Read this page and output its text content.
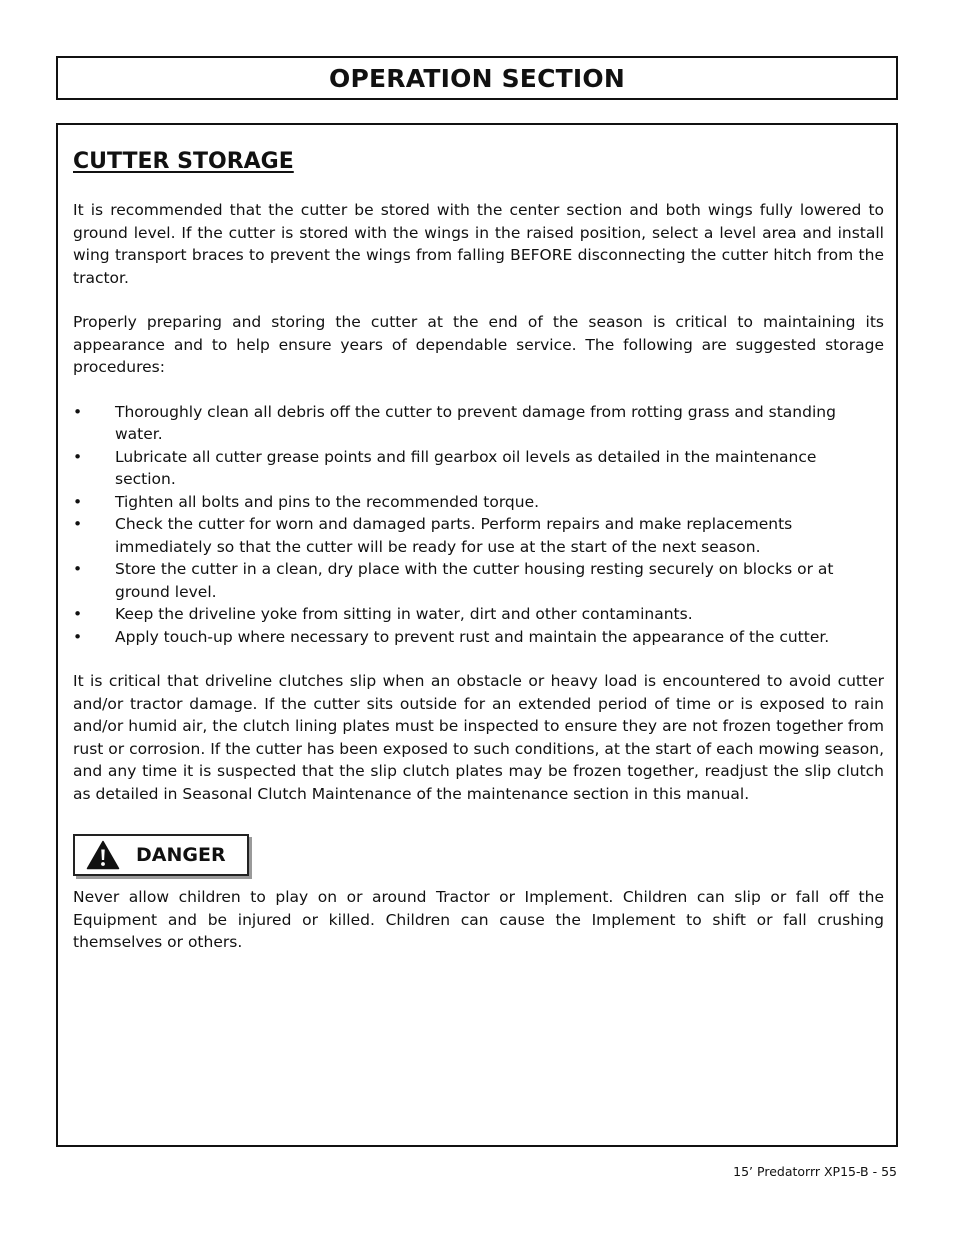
OPERATION SECTION
CUTTER STORAGE

It is recommended that the cutter be stored with the center section and both wings fully lowered to ground level. If the cutter is stored with the wings in the raised position, select a level area and install wing transport braces to prevent the wings from falling BEFORE disconnecting the cutter hitch from the tractor.

Properly preparing and storing the cutter at the end of the season is critical to maintaining its appearance and to help ensure years of dependable service. The following are suggested storage procedures:

• Thoroughly clean all debris off the cutter to prevent damage from rotting grass and standing water.
• Lubricate all cutter grease points and fill gearbox oil levels as detailed in the maintenance section.
• Tighten all bolts and pins to the recommended torque.
• Check the cutter for worn and damaged parts. Perform repairs and make replacements immediately so that the cutter will be ready for use at the start of the next season.
• Store the cutter in a clean, dry place with the cutter housing resting securely on blocks or at ground level.
• Keep the driveline yoke from sitting in water, dirt and other contaminants.
• Apply touch-up where necessary to prevent rust and maintain the appearance of the cutter.

It is critical that driveline clutches slip when an obstacle or heavy load is encountered to avoid cutter and/or tractor damage. If the cutter sits outside for an extended period of time or is exposed to rain and/or humid air, the clutch lining plates must be inspected to ensure they are not frozen together from rust or corrosion. If the cutter has been exposed to such conditions, at the start of each mowing season, and any time it is suspected that the slip clutch plates may be frozen together, readjust the slip clutch as detailed in Seasonal Clutch Maintenance of the maintenance section in this manual.

DANGER

Never allow children to play on or around Tractor or Implement. Children can slip or fall off the Equipment and be injured or killed. Children can cause the Implement to shift or fall crushing themselves or others.

15’ Predatorrr XP15-B - 55
